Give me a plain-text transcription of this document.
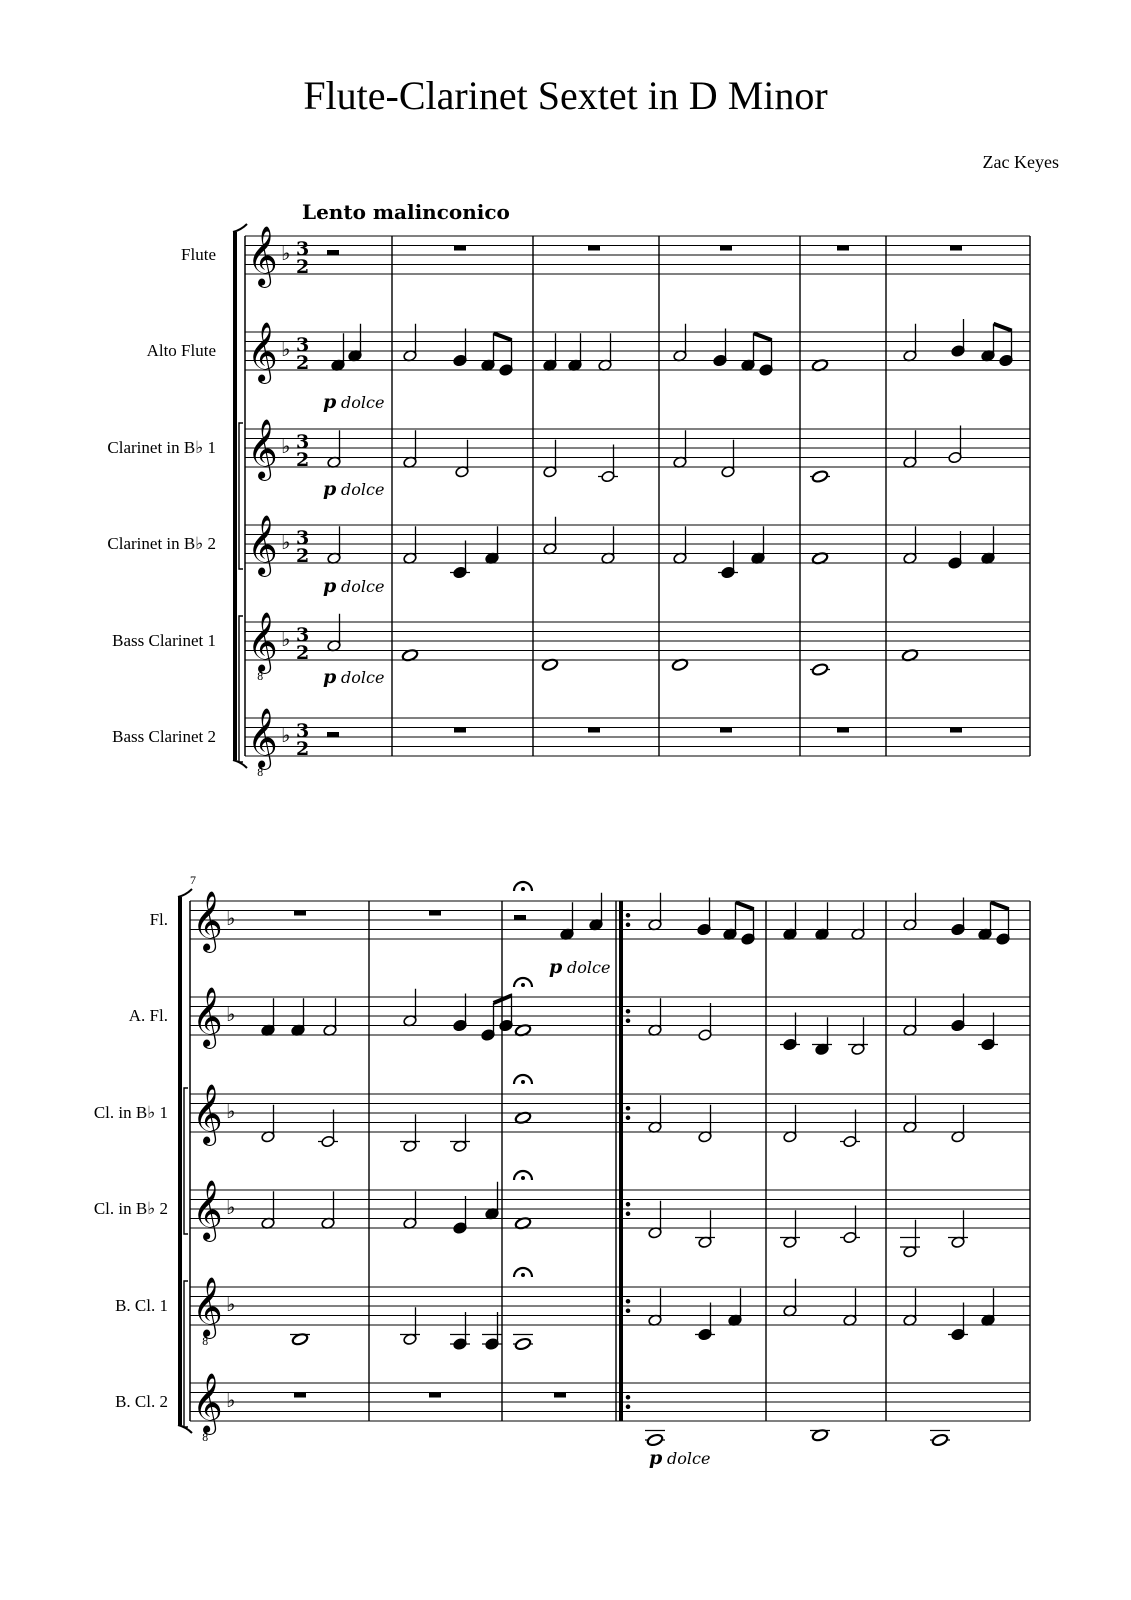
Flute-Clarinet Sextet in D Minor
Zac Keyes
Lento malinconico
Flute
Alto Flute
Clarinet in B♭ 1
Clarinet in B♭ 2
Bass Clarinet 1
Bass Clarinet 2
Fl.
A. Fl.
Cl. in B♭ 1
Cl. in B♭ 2
B. Cl. 1
B. Cl. 2
7
𝄞 ♭ 3
2
𝄞 ♭ 3
2
𝄞 ♭ 3
2
𝄞 ♭ 3
2
𝄞
8
♭ 3
2
𝄞
8
♭ 3
2
𝄞 ♭
𝄞 ♭
𝄞 ♭
𝄞 ♭
𝄞
8
♭
𝄞
8
♭
p dolce
p dolce
p dolce
p dolce
p dolce
p dolce
